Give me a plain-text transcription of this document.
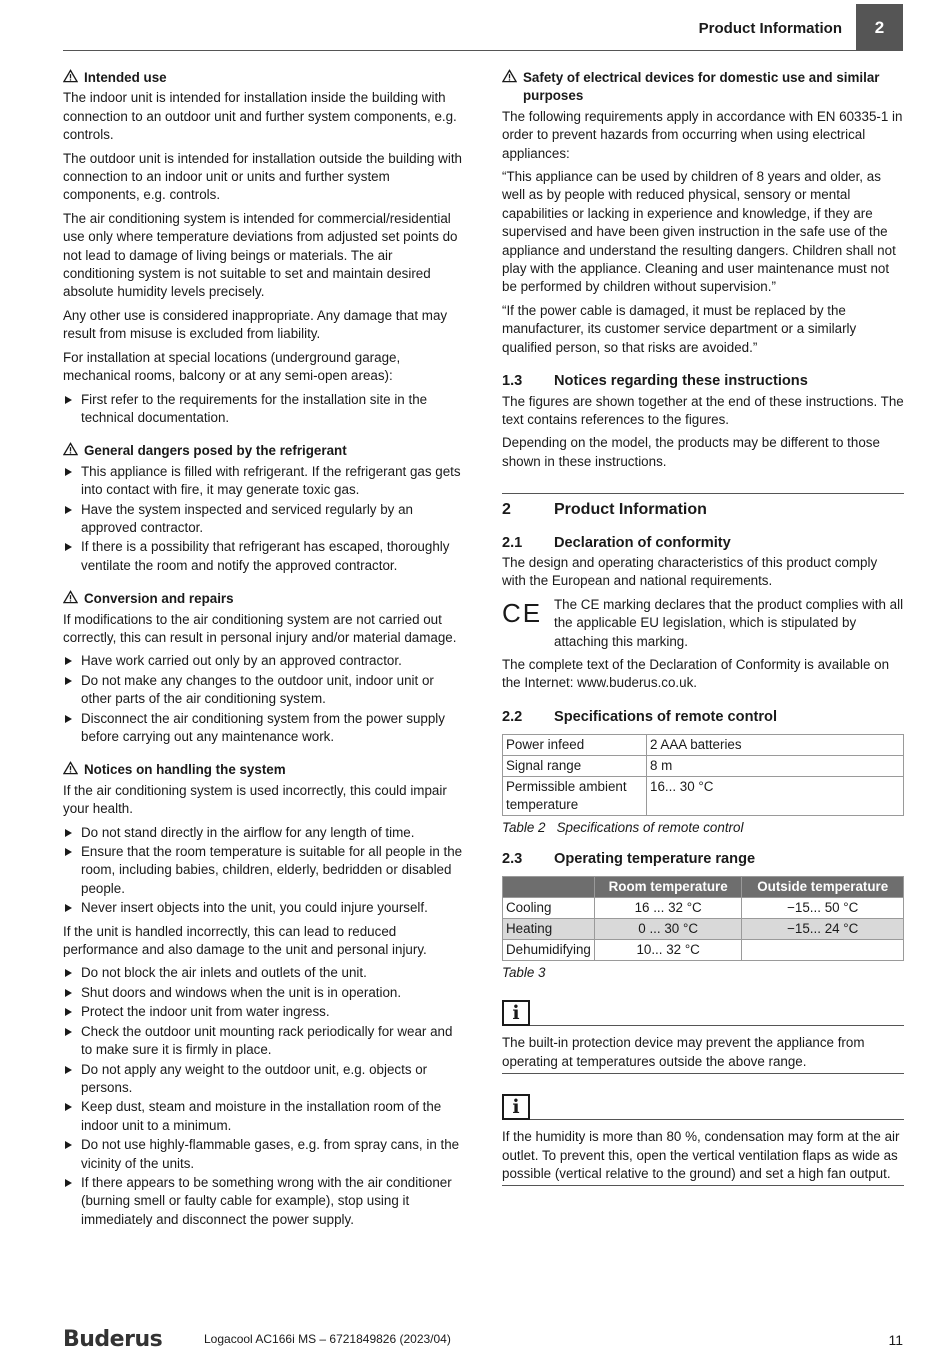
Product Information	2
Intended use

The indoor unit is intended for installation inside the building with connection to an outdoor unit and further system components, e.g. controls.

The outdoor unit is intended for installation outside the building with connection to an indoor unit or units and further system components, e.g. controls.

The air conditioning system is intended for commercial/residential use only where temperature deviations from adjusted set points do not lead to damage of living beings or materials. The air conditioning system is not suitable to set and maintain desired absolute humidity levels precisely.

Any other use is considered inappropriate. Any damage that may result from misuse is excluded from liability.

For installation at special locations (underground garage, mechanical rooms, balcony or at any semi-open areas):

First refer to the requirements for the installation site in the technical documentation.
General dangers posed by the refrigerant
This appliance is filled with refrigerant. If the refrigerant gas gets into contact with fire, it may generate toxic gas.
Have the system inspected and serviced regularly by an approved contractor.
If there is a possibility that refrigerant has escaped, thoroughly ventilate the room and notify the approved contractor.
Conversion and repairs

If modifications to the air conditioning system are not carried out correctly, this can result in personal injury and/or material damage.

Have work carried out only by an approved contractor.
Do not make any changes to the outdoor unit, indoor unit or other parts of the air conditioning system.
Disconnect the air conditioning system from the power supply before carrying out any maintenance work.
Notices on handling the system

If the air conditioning system is used incorrectly, this could impair your health.

Do not stand directly in the airflow for any length of time.
Ensure that the room temperature is suitable for all people in the room, including babies, children, elderly, bedridden or disabled people.
Never insert objects into the unit, you could injure yourself.

If the unit is handled incorrectly, this can lead to reduced performance and also damage to the unit and personal injury.

Do not block the air inlets and outlets of the unit.
Shut doors and windows when the unit is in operation.
Protect the indoor unit from water ingress.
Check the outdoor unit mounting rack periodically for wear and to make sure it is firmly in place.
Do not apply any weight to the outdoor unit, e.g. objects or persons.
Keep dust, steam and moisture in the installation room of the indoor unit to a minimum.
Do not use highly-flammable gases, e.g. from spray cans, in the vicinity of the units.
If there appears to be something wrong with the air conditioner (burning smell or faulty cable for example), stop using it immediately and disconnect the power supply.
Safety of electrical devices for domestic use and similar purposes

The following requirements apply in accordance with EN 60335-1 in order to prevent hazards from occurring when using electrical appliances:

“This appliance can be used by children of 8 years and older, as well as by people with reduced physical, sensory or mental capabilities or lacking in experience and knowledge, if they are supervised and have been given instruction in the safe use of the appliance and understand the resulting dangers. Children shall not play with the appliance. Cleaning and user maintenance must not be performed by children without supervision.”

“If the power cable is damaged, it must be replaced by the manufacturer, its customer service department or a similarly qualified person, so that risks are avoided.”

1.3	Notices regarding these instructions

The figures are shown together at the end of these instructions. The text contains references to the figures.

Depending on the model, the products may be different to those shown in these instructions.

2	Product Information
2.1	Declaration of conformity

The design and operating characteristics of this product comply with the European and national requirements.

CE The CE marking declares that the product complies with all the applicable EU legislation, which is stipulated by attaching this marking.

The complete text of the Declaration of Conformity is available on the Internet: www.buderus.co.uk.

2.2	Specifications of remote control
Power infeed	2 AAA batteries
Signal range	8 m
Permissible ambient temperature	16... 30 °C
Table 2 Specifications of remote control
2.3	Operating temperature range
	Room temperature	Outside temperature
Cooling	16 ... 32 °C	−15... 50 °C
Heating	0 ... 30 °C	−15... 24 °C
Dehumidifying	10... 32 °C	
Table 3
i
The built-in protection device may prevent the appliance from operating at temperatures outside the above range.
i
If the humidity is more than 80 %, condensation may form at the air outlet. To prevent this, open the vertical ventilation flaps as wide as possible (vertical relative to the ground) and set a high fan output.
Buderus	Logacool AC166i MS – 6721849826 (2023/04)	11
